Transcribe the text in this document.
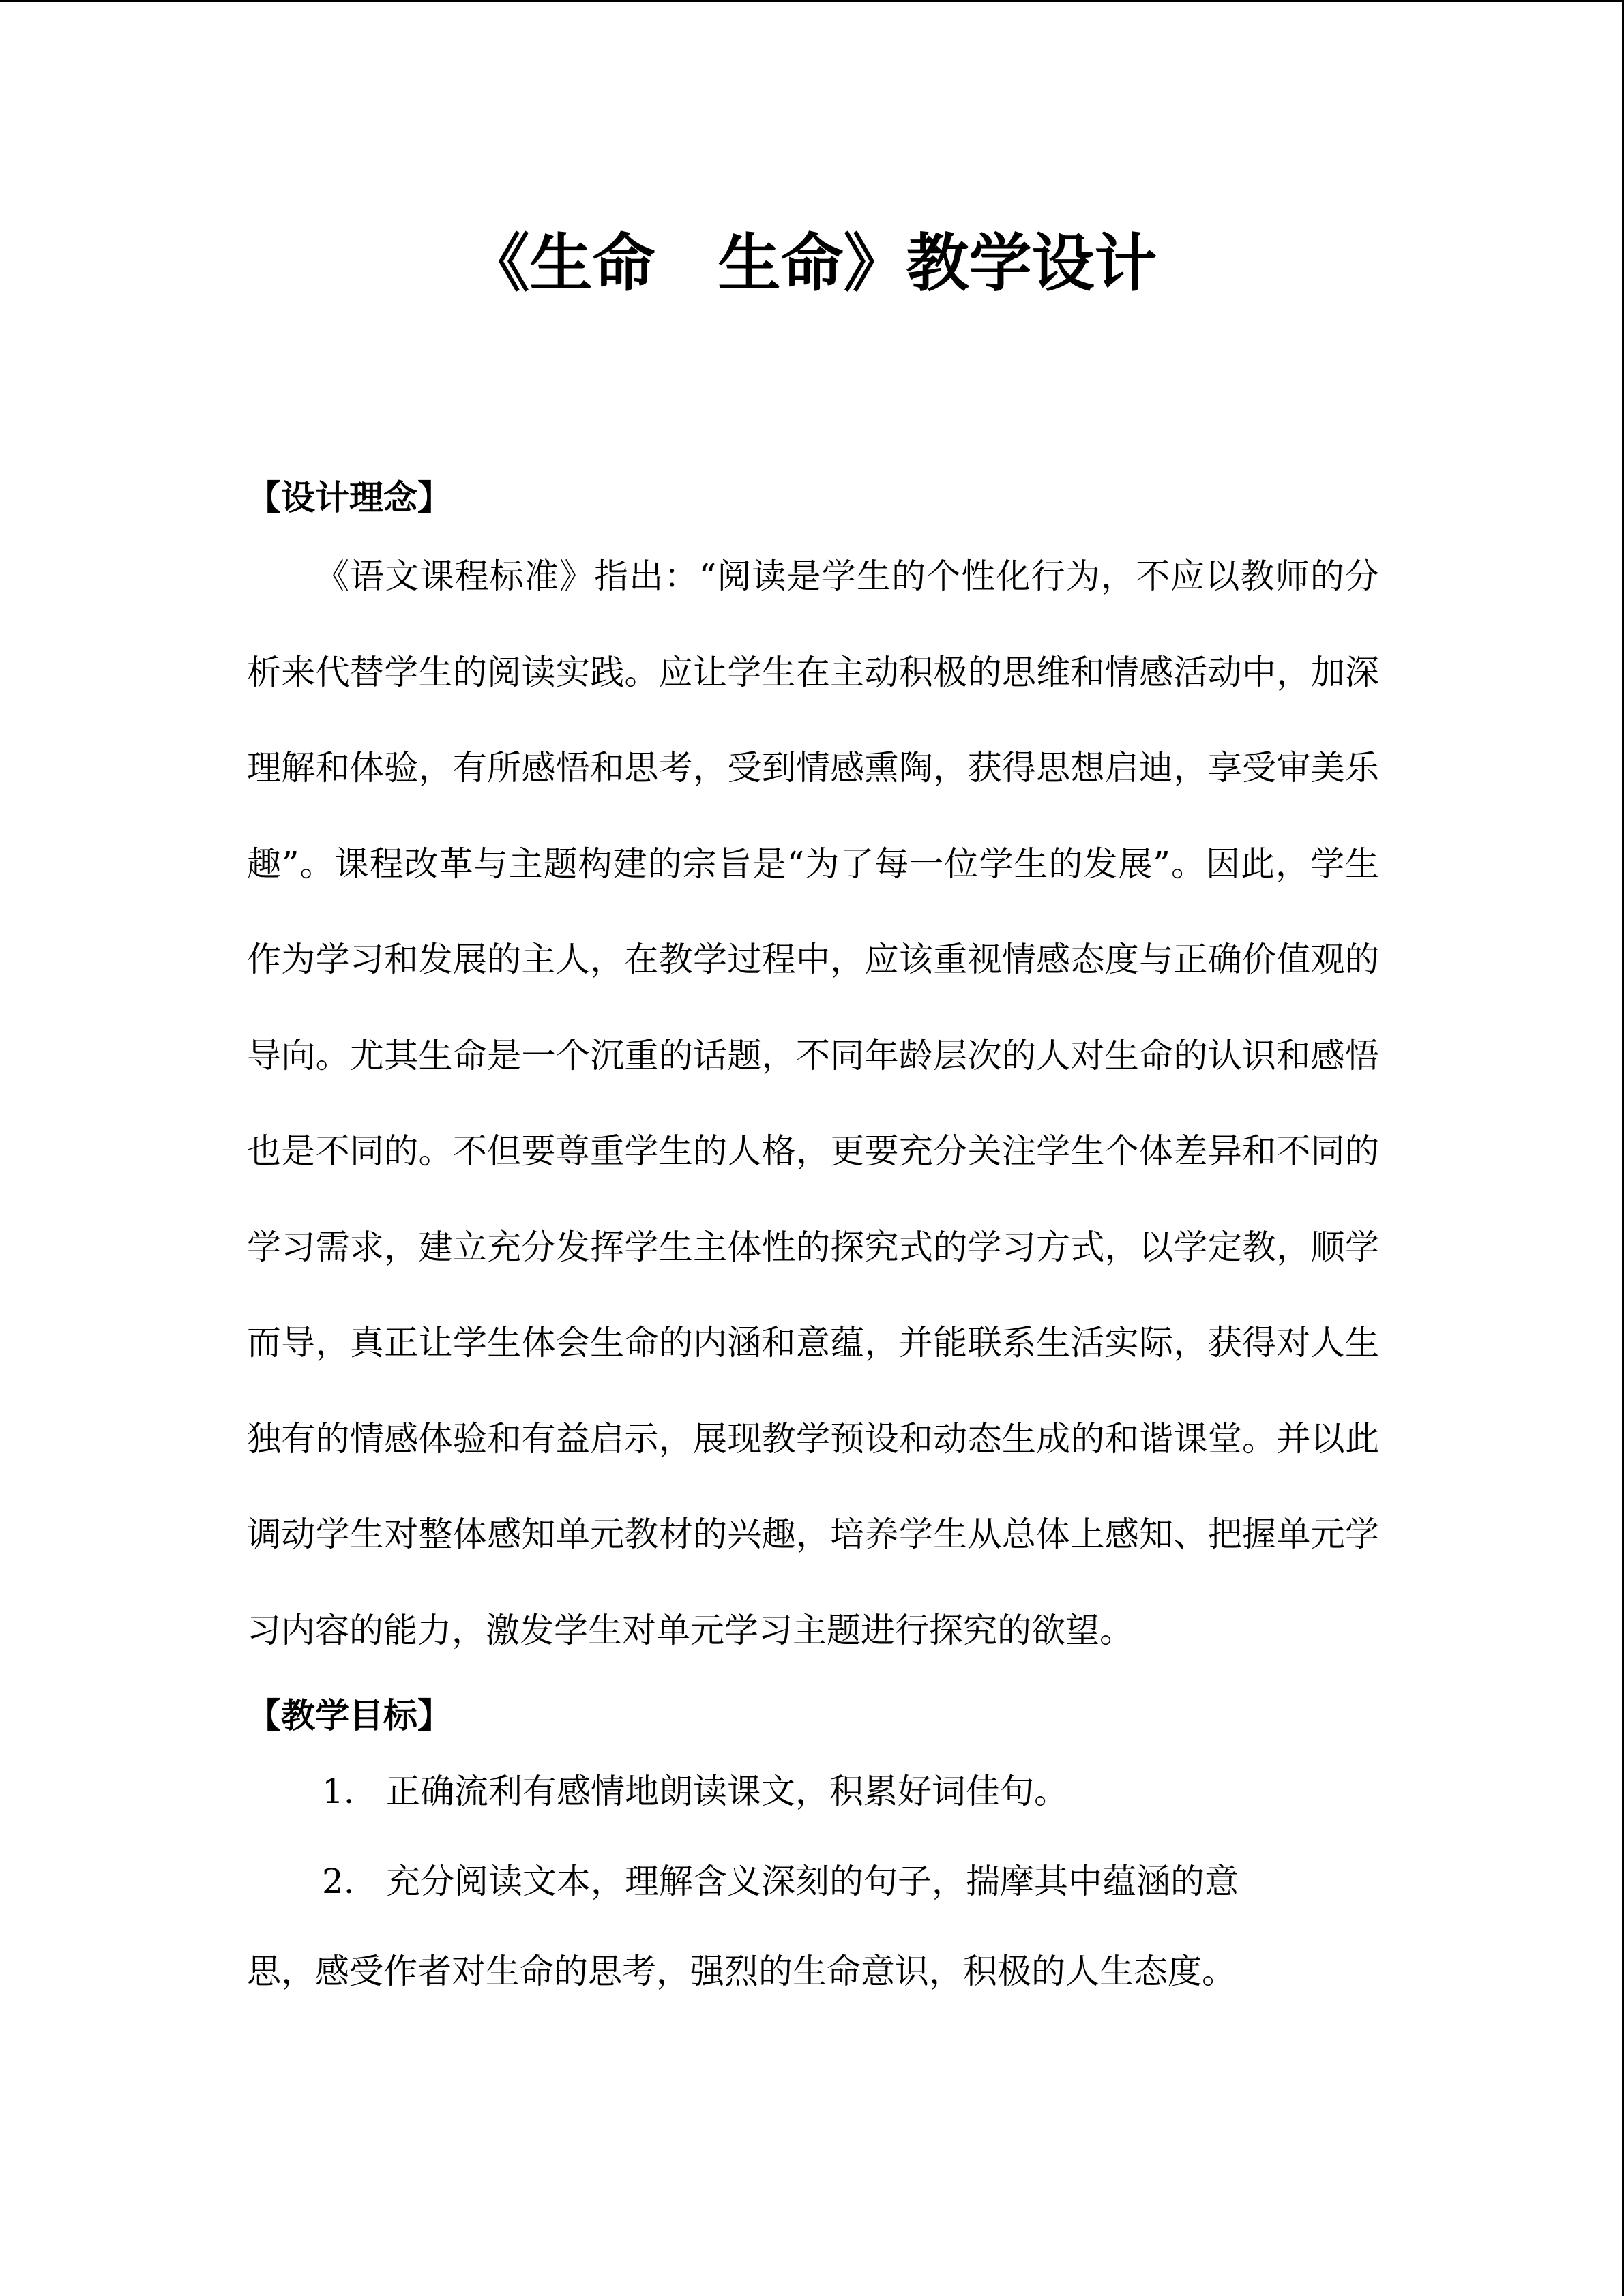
《生命　生命》教学设计
【设计理念】

《语文课程标准》指出：“阅读是学生的个性化行为，不应以教师的分析来代替学生的阅读实践。应让学生在主动积极的思维和情感活动中，加深理解和体验，有所感悟和思考，受到情感熏陶，获得思想启迪，享受审美乐趣”。课程改革与主题构建的宗旨是“为了每一位学生的发展”。因此，学生作为学习和发展的主人，在教学过程中，应该重视情感态度与正确价值观的导向。尤其生命是一个沉重的话题，不同年龄层次的人对生命的认识和感悟也是不同的。不但要尊重学生的人格，更要充分关注学生个体差异和不同的学习需求，建立充分发挥学生主体性的探究式的学习方式，以学定教，顺学而导，真正让学生体会生命的内涵和意蕴，并能联系生活实际，获得对人生独有的情感体验和有益启示，展现教学预设和动态生成的和谐课堂。并以此调动学生对整体感知单元教材的兴趣，培养学生从总体上感知、把握单元学习内容的能力，激发学生对单元学习主题进行探究的欲望。

【教学目标】
1. 正确流利有感情地朗读课文，积累好词佳句。
2. 充分阅读文本，理解含义深刻的句子，揣摩其中蕴涵的意
思，感受作者对生命的思考，强烈的生命意识，积极的人生态度。
